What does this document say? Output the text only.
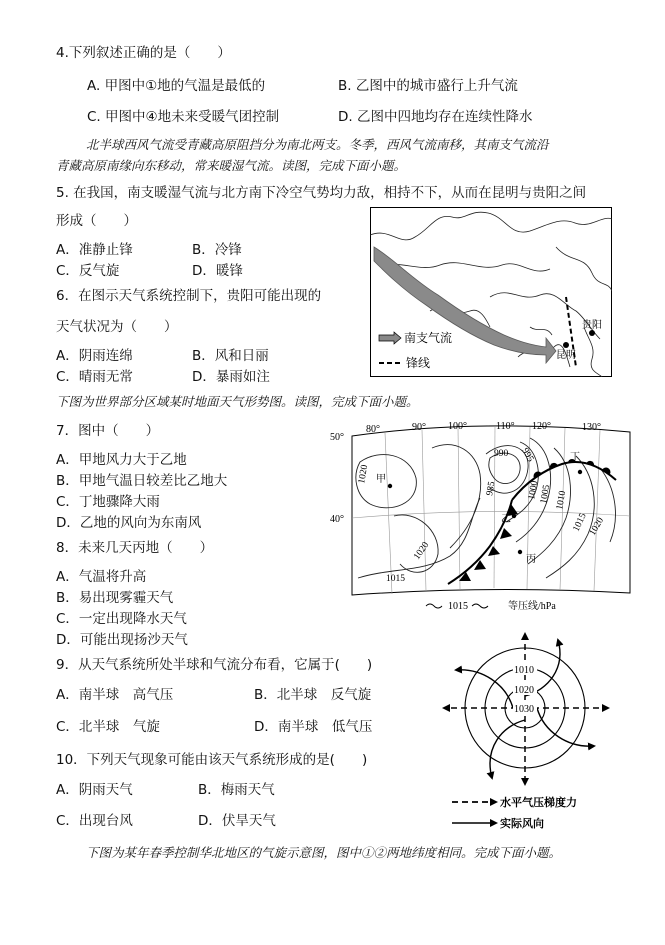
4.下列叙述正确的是（　　）
A. 甲图中①地的气温是最低的	B. 乙图中的城市盛行上升气流
C. 甲图中④地未来受暖气团控制	D. 乙图中四地均存在连续性降水
北半球西风气流受青藏高原阻挡分为南北两支。冬季，西风气流南移，其南支气流沿
青藏高原南缘向东移动，常来暖湿气流。读图，完成下面小题。
5. 在我国，南支暖湿气流与北方南下冷空气势均力敌，相持不下，从而在昆明与贵阳之间
形成（　　）
A．准静止锋	B．冷锋
C．反气旋	D．暖锋
6．在图示天气系统控制下，贵阳可能出现的
天气状况为（　　）
A．阴雨连绵	B．风和日丽
C．晴雨无常	D．暴雨如注
南支气流
锋线
贵阳
昆明
下图为世界部分区域某时地面天气形势图。读图，完成下面小题。
7．图中（　　）
A．甲地风力大于乙地
B．甲地气温日较差比乙地大
C．丁地骤降大雨
D．乙地的风向为东南风
8．未来几天丙地（　　）
A．气温将升高
B．易出现雾霾天气
C．一定出现降水天气
D．可能出现扬沙天气
80°	90° 100°	110° 120°	130°
50°
40°
1020
1020
1015
990
985
995
1000
1005 1010
1015 1020
甲
乙
丙
丁
1015	等压线/hPa
9．从天气系统所处半球和气流分布看，它属于(　　)
A．南半球　高气压	B．北半球　反气旋
C．北半球　气旋	D．南半球　低气压
10．下列天气现象可能由该天气系统形成的是(　　)
A．阴雨天气	B．梅雨天气
C．出现台风	D．伏旱天气
1010
1020
1030
水平气压梯度力
实际风向
下图为某年春季控制华北地区的气旋示意图，图中①②两地纬度相同。完成下面小题。
